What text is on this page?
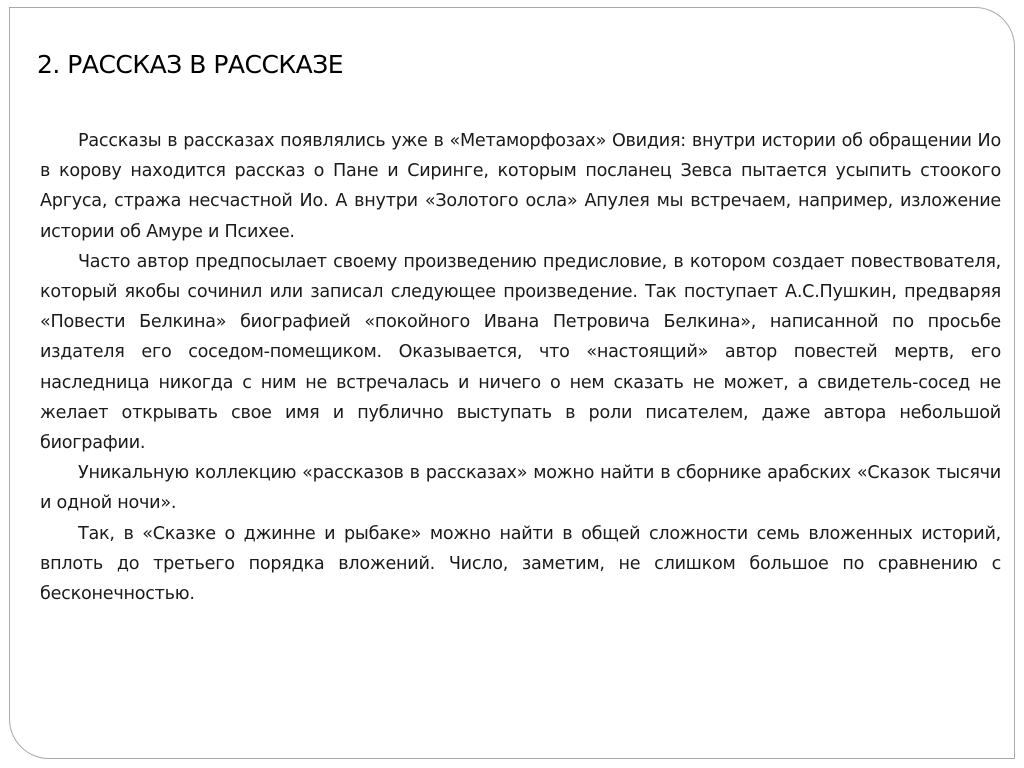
2. РАССКАЗ В РАССКАЗЕ

Рассказы в рассказах появлялись уже в «Метаморфозах» Овидия: внутри истории об обращении Ио в корову находится рассказ о Пане и Сиринге, которым посланец Зевса пытается усыпить стоокого Аргуса, стража несчастной Ио. А внутри «Золотого осла» Апулея мы встречаем, например, изложение истории об Амуре и Психее.

Часто автор предпосылает своему произведению предисловие, в котором создает повествователя, который якобы сочинил или записал следующее произведение. Так поступает А.С.Пушкин, предваряя «Повести Белкина» биографией «покойного Ивана Петровича Белкина», написанной по просьбе издателя его соседом-помещиком. Оказывается, что «настоящий» автор повестей мертв, его наследница никогда с ним не встречалась и ничего о нем сказать не может, а свидетель-сосед не желает открывать свое имя и публично выступать в роли писателем, даже автора небольшой биографии.

Уникальную коллекцию «рассказов в рассказах» можно найти в сборнике арабских «Сказок тысячи и одной ночи».

Так, в «Сказке о джинне и рыбаке» можно найти в общей сложности семь вложенных историй, вплоть до третьего порядка вложений. Число, заметим, не слишком большое по сравнению с бесконечностью.
